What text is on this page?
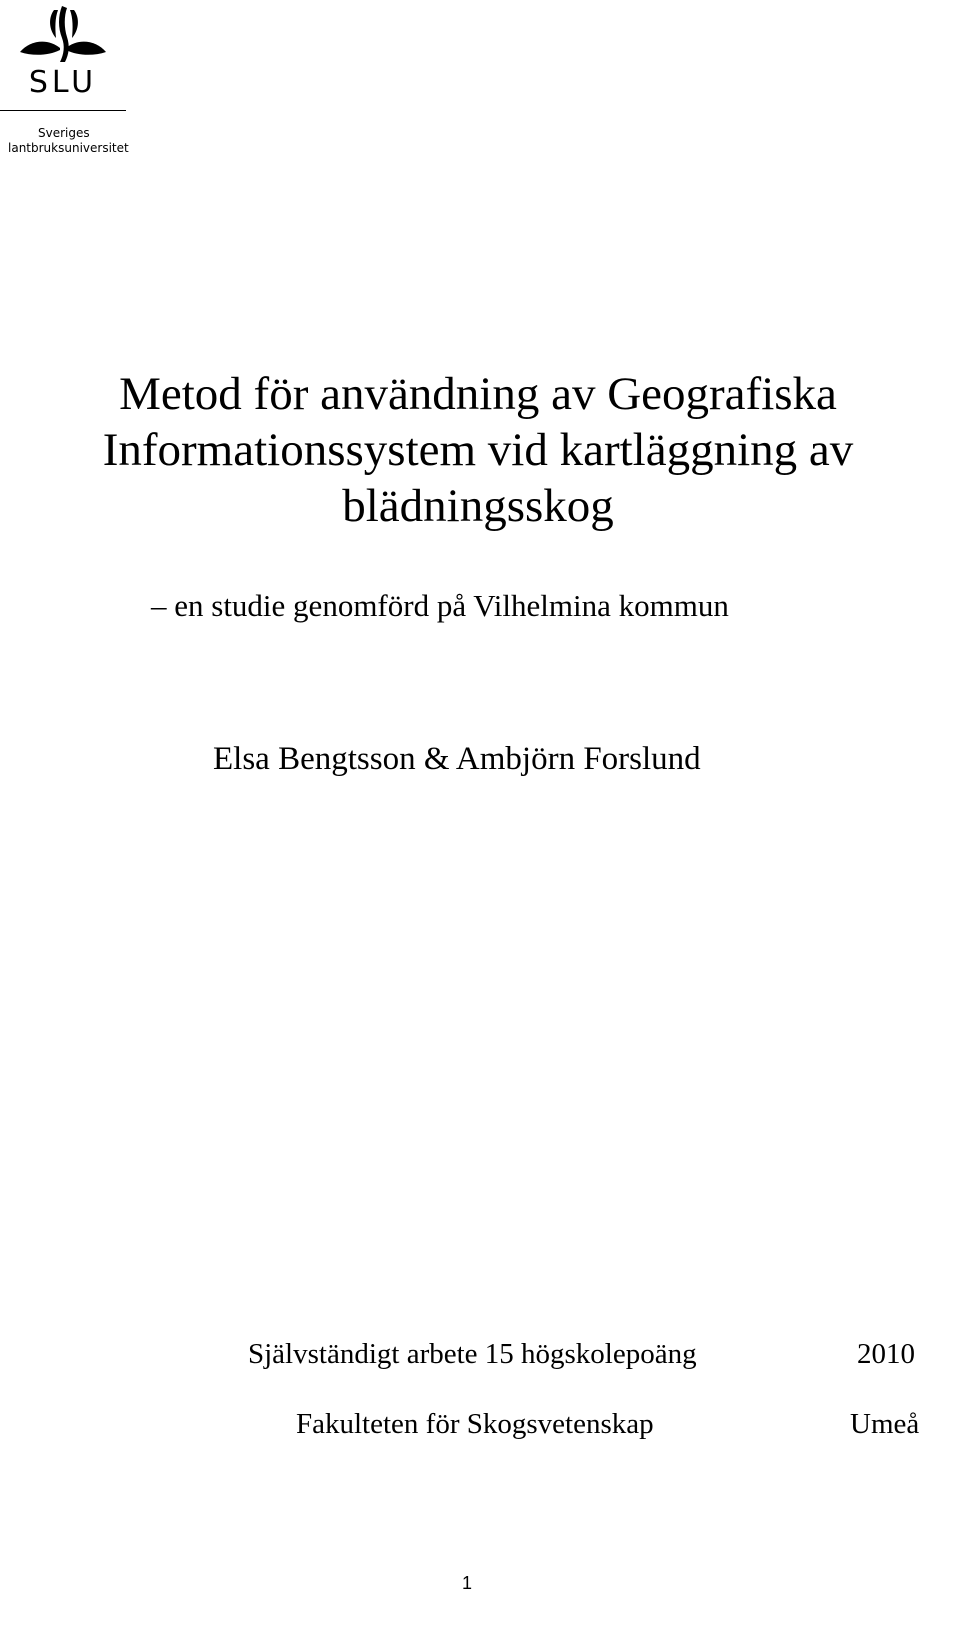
SLU
Sveriges
lantbruksuniversitet
Metod för användning av Geografiska
Informationssystem vid kartläggning av
blädningsskog
– en studie genomförd på Vilhelmina kommun
Elsa Bengtsson & Ambjörn Forslund
Självständigt arbete 15 högskolepoäng	2010
Fakulteten för Skogsvetenskap	Umeå
1
